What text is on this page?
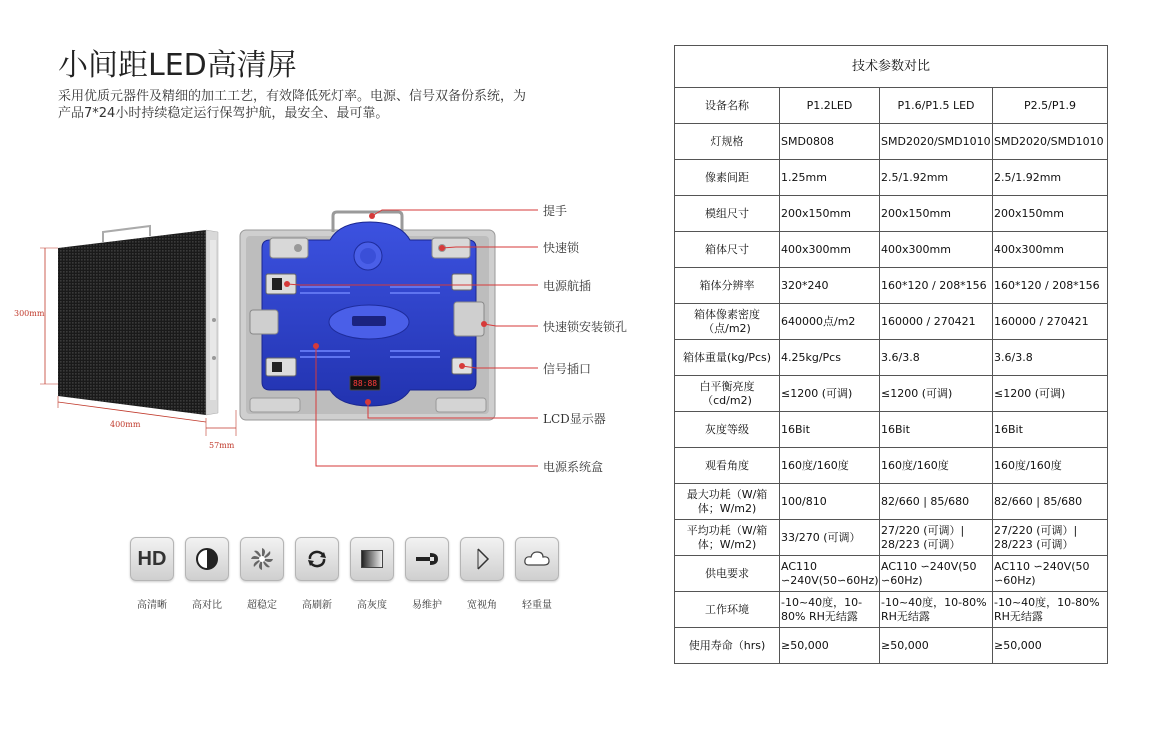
小间距LED高清屏

采用优质元器件及精细的加工工艺，有效降低死灯率。电源、信号双备份系统，为产品7*24小时持续稳定运行保驾护航，最安全、最可靠。

300mm
400mm
57mm
88:88
提手
快速锁
电源航插
快速锁安装锁孔
信号插口
LCD显示器
电源系统盒
HD
高清晰	高对比	超稳定	高刷新	高灰度	易维护	宽视角	轻重量
技术参数对比			
设备名称	P1.2LED	P1.6/P1.5 LED	P2.5/P1.9
灯规格	SMD0808	SMD2020/SMD1010	SMD2020/SMD1010
像素间距	1.25mm	2.5/1.92mm	2.5/1.92mm
模组尺寸	200x150mm	200x150mm	200x150mm
箱体尺寸	400x300mm	400x300mm	400x300mm
箱体分辨率	320*240	160*120 / 208*156	160*120 / 208*156
箱体像素密度（点/m2)	640000点/m2	160000 / 270421	160000 / 270421
箱体重量(kg/Pcs)	4.25kg/Pcs	3.6/3.8	3.6/3.8
白平衡亮度（cd/m2)	≤1200 (可调)	≤1200 (可调)	≤1200 (可调)
灰度等级	16Bit	16Bit	16Bit
观看角度	160度/160度	160度/160度	160度/160度
最大功耗（W/箱体；W/m2)	100/810	82/660 | 85/680	82/660 | 85/680
平均功耗（W/箱体；W/m2)	33/270 (可调）	27/220 (可调）| 28/223 (可调）	27/220 (可调）| 28/223 (可调）
供电要求	AC110 ∽240V(50∽60Hz)	AC110 ∽240V(50 ∽60Hz)	AC110 ∽240V(50 ∽60Hz)
工作环境	-10~40度，10-80% RH无结露	-10~40度，10-80% RH无结露	-10~40度，10-80% RH无结露
使用寿命（hrs)	≥50,000	≥50,000	≥50,000
